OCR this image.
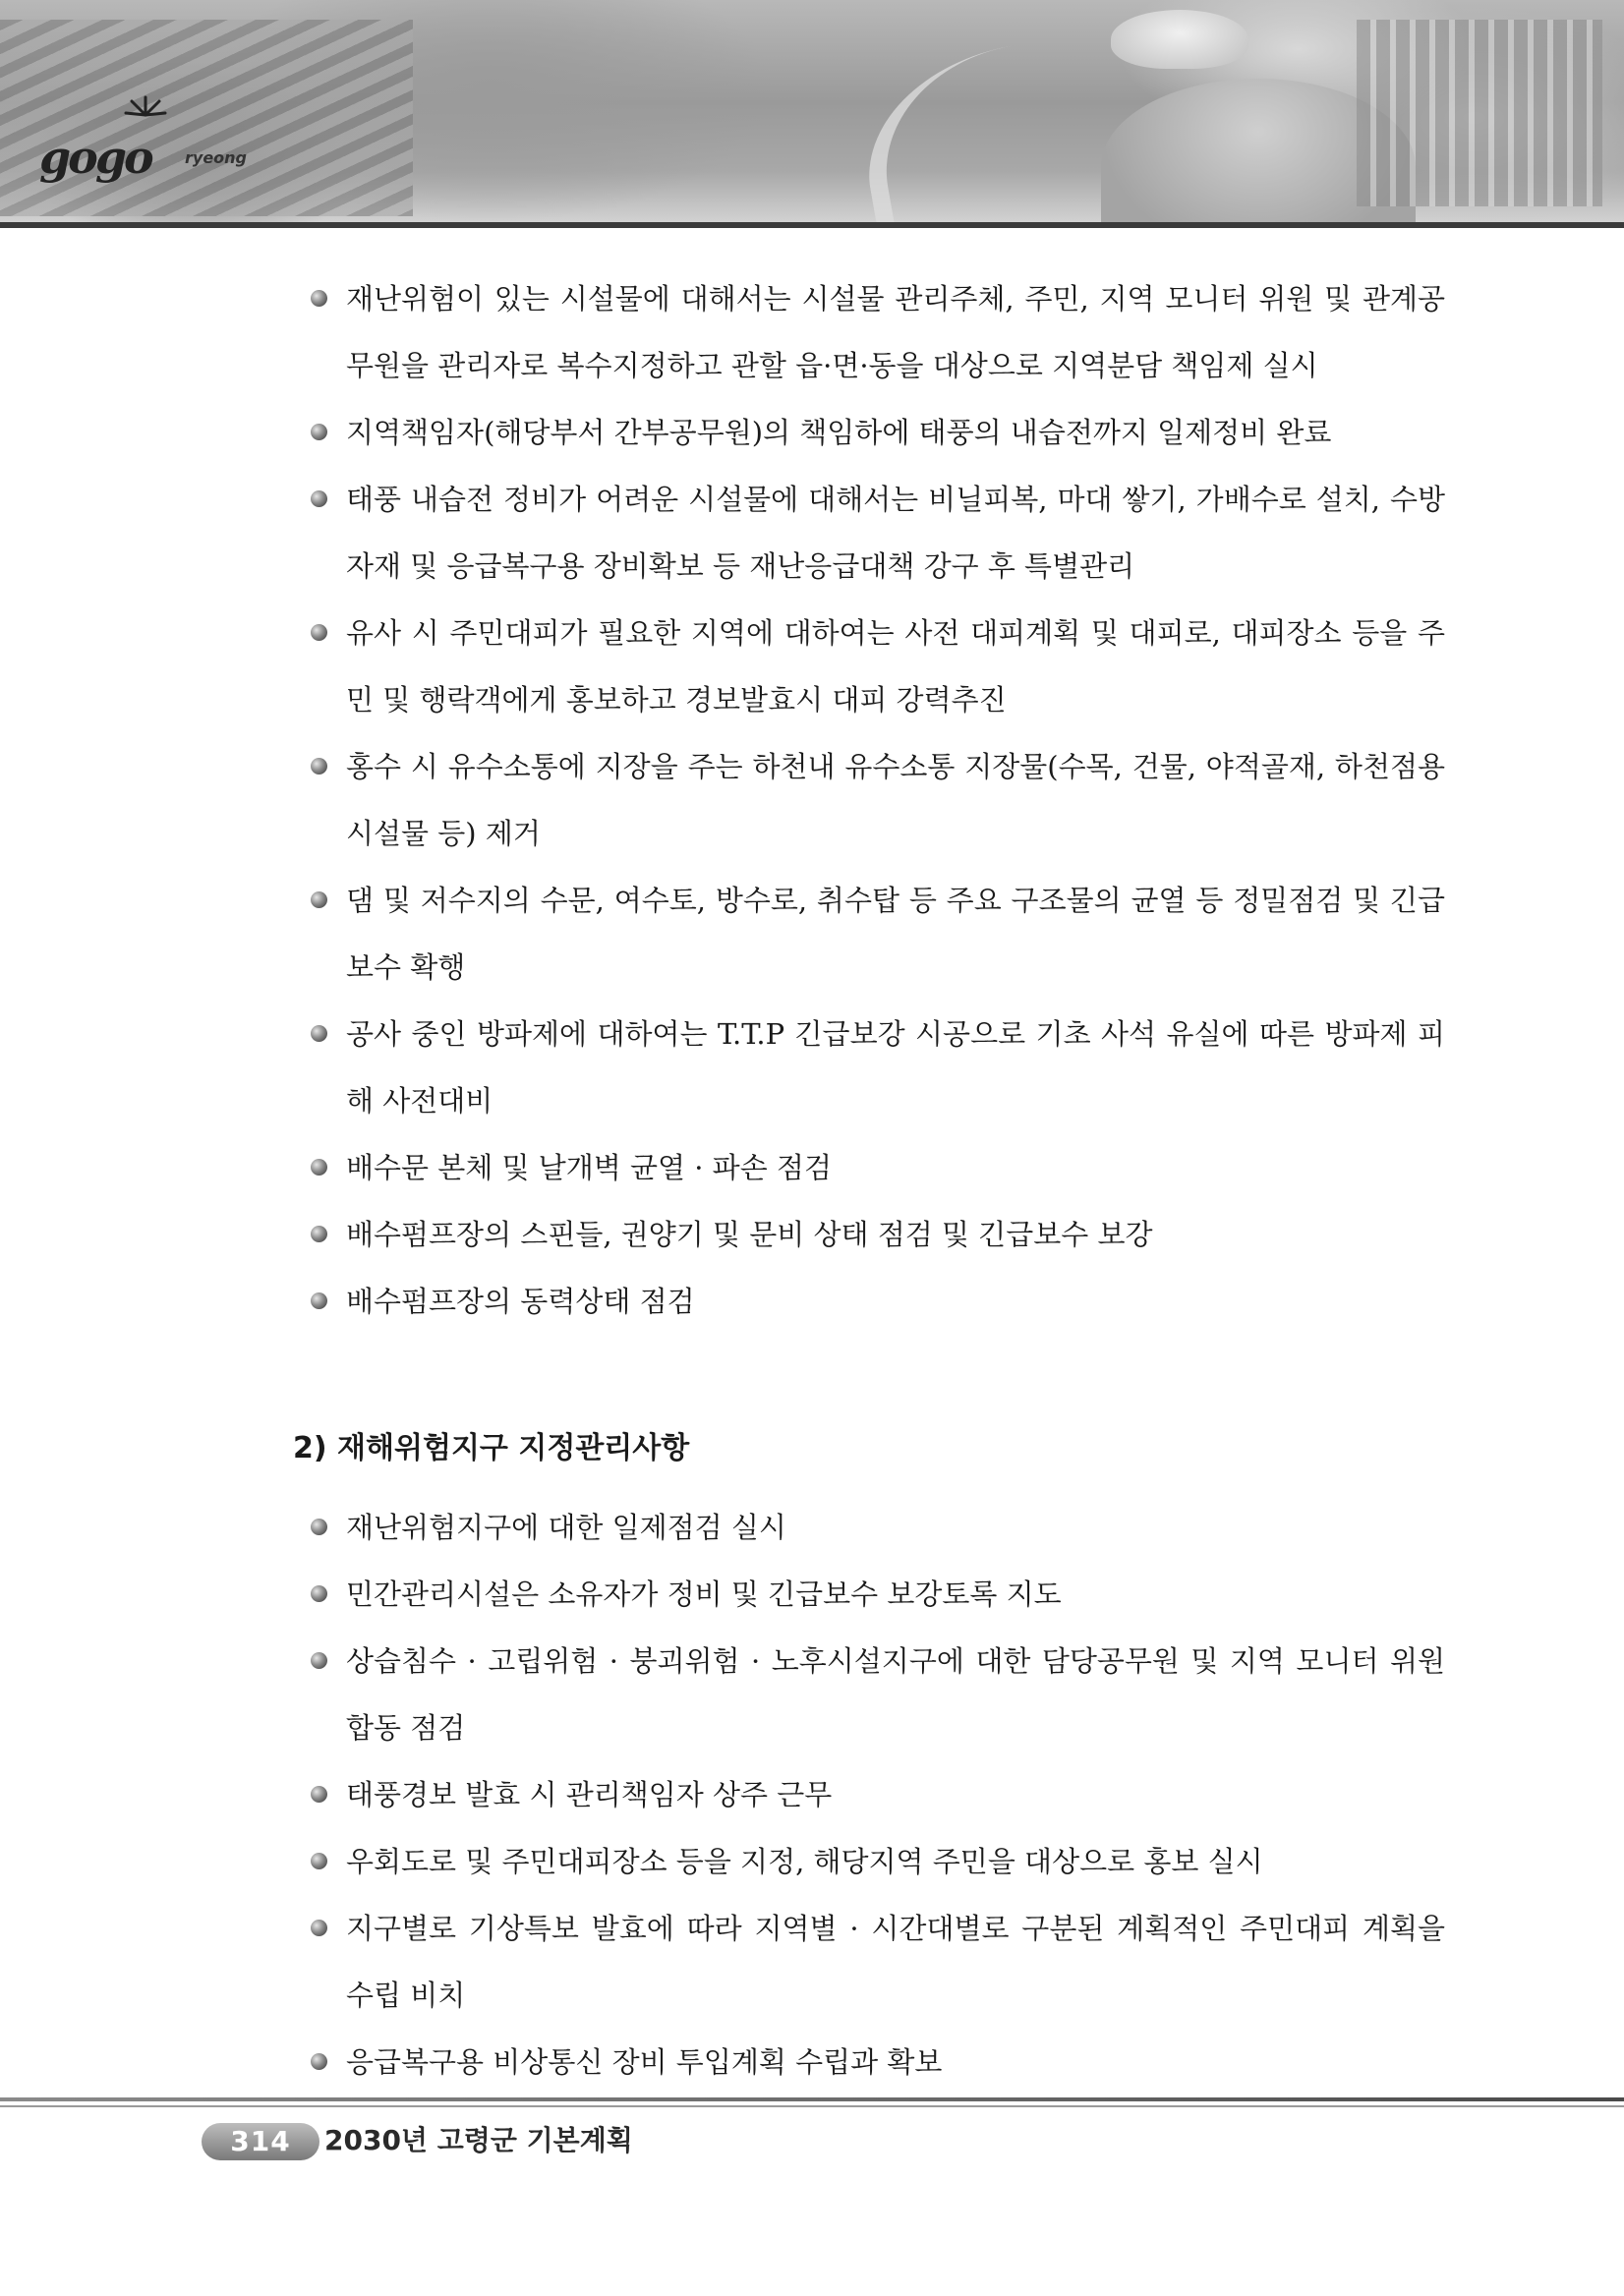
gogo ryeong

재난위험이 있는 시설물에 대해서는 시설물 관리주체, 주민, 지역 모니터 위원 및 관계공무원을 관리자로 복수지정하고 관할 읍·면·동을 대상으로 지역분담 책임제 실시

지역책임자(해당부서 간부공무원)의 책임하에 태풍의 내습전까지 일제정비 완료

태풍 내습전 정비가 어려운 시설물에 대해서는 비닐피복, 마대 쌓기, 가배수로 설치, 수방자재 및 응급복구용 장비확보 등 재난응급대책 강구 후 특별관리

유사 시 주민대피가 필요한 지역에 대하여는 사전 대피계획 및 대피로, 대피장소 등을 주민 및 행락객에게 홍보하고 경보발효시 대피 강력추진

홍수 시 유수소통에 지장을 주는 하천내 유수소통 지장물(수목, 건물, 야적골재, 하천점용시설물 등) 제거

댐 및 저수지의 수문, 여수토, 방수로, 취수탑 등 주요 구조물의 균열 등 정밀점검 및 긴급보수 확행

공사 중인 방파제에 대하여는 T.T.P 긴급보강 시공으로 기초 사석 유실에 따른 방파제 피해 사전대비

배수문 본체 및 날개벽 균열 · 파손 점검

배수펌프장의 스핀들, 권양기 및 문비 상태 점검 및 긴급보수 보강

배수펌프장의 동력상태 점검

2) 재해위험지구 지정관리사항

재난위험지구에 대한 일제점검 실시

민간관리시설은 소유자가 정비 및 긴급보수 보강토록 지도

상습침수 · 고립위험 · 붕괴위험 · 노후시설지구에 대한 담당공무원 및 지역 모니터 위원 합동 점검

태풍경보 발효 시 관리책임자 상주 근무

우회도로 및 주민대피장소 등을 지정, 해당지역 주민을 대상으로 홍보 실시

지구별로 기상특보 발효에 따라 지역별 · 시간대별로 구분된 계획적인 주민대피 계획을 수립 비치

응급복구용 비상통신 장비 투입계획 수립과 확보

314	2030년 고령군 기본계획
